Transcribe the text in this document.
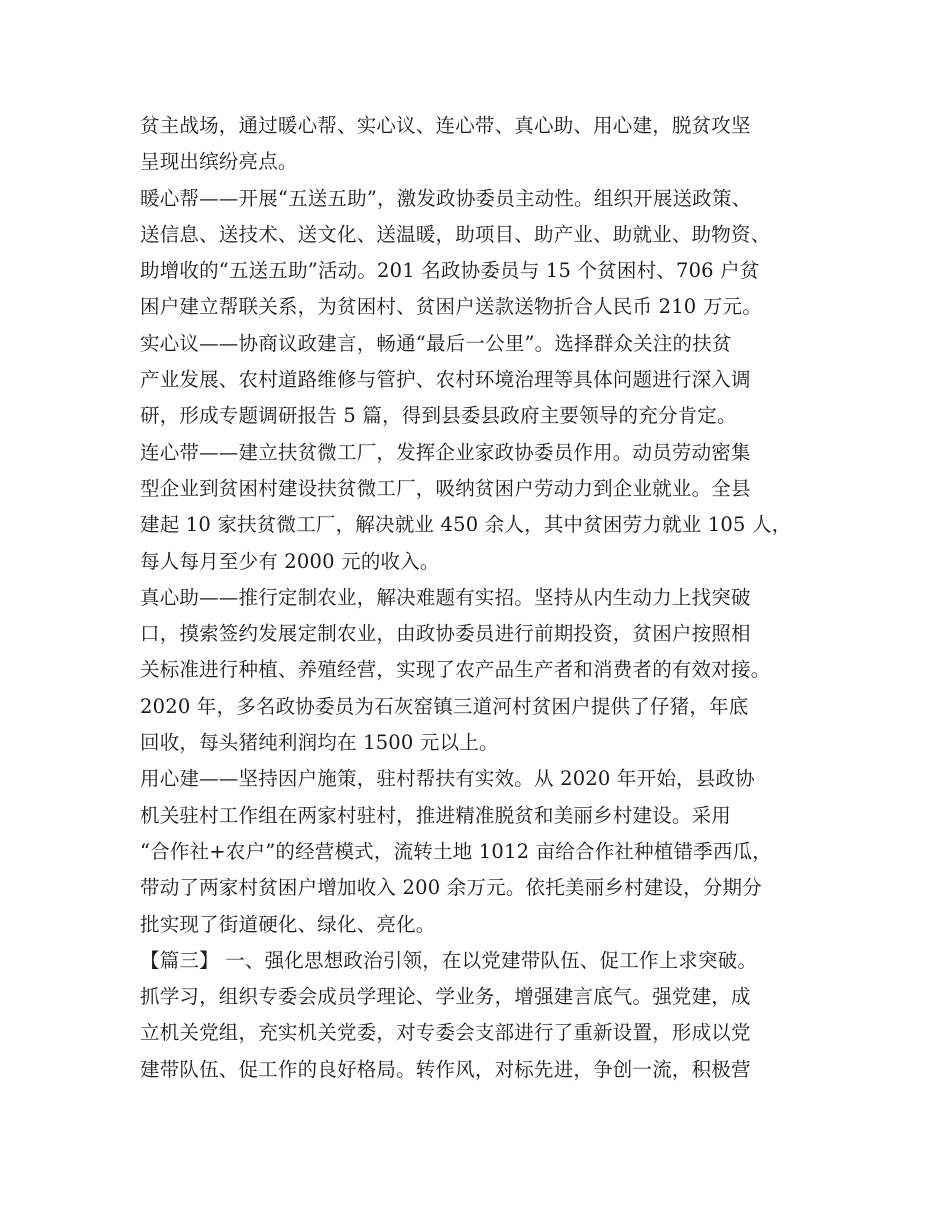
贫主战场，通过暖心帮、实心议、连心带、真心助、用心建，脱贫攻坚
呈现出缤纷亮点。
暖心帮——开展“五送五助”，激发政协委员主动性。组织开展送政策、
送信息、送技术、送文化、送温暖，助项目、助产业、助就业、助物资、
助增收的“五送五助”活动。201 名政协委员与 15 个贫困村、706 户贫
困户建立帮联关系，为贫困村、贫困户送款送物折合人民币 210 万元。
实心议——协商议政建言，畅通“最后一公里”。选择群众关注的扶贫
产业发展、农村道路维修与管护、农村环境治理等具体问题进行深入调
研，形成专题调研报告 5 篇，得到县委县政府主要领导的充分肯定。
连心带——建立扶贫微工厂，发挥企业家政协委员作用。动员劳动密集
型企业到贫困村建设扶贫微工厂，吸纳贫困户劳动力到企业就业。全县
建起 10 家扶贫微工厂，解决就业 450 余人，其中贫困劳力就业 105 人，
每人每月至少有 2000 元的收入。
真心助——推行定制农业，解决难题有实招。坚持从内生动力上找突破
口，摸索签约发展定制农业，由政协委员进行前期投资，贫困户按照相
关标准进行种植、养殖经营，实现了农产品生产者和消费者的有效对接。
2020 年，多名政协委员为石灰窑镇三道河村贫困户提供了仔猪，年底
回收，每头猪纯利润均在 1500 元以上。
用心建——坚持因户施策，驻村帮扶有实效。从 2020 年开始，县政协
机关驻村工作组在两家村驻村，推进精准脱贫和美丽乡村建设。采用
“合作社+农户”的经营模式，流转土地 1012 亩给合作社种植错季西瓜，
带动了两家村贫困户增加收入 200 余万元。依托美丽乡村建设，分期分
批实现了街道硬化、绿化、亮化。
【篇三】 一、强化思想政治引领，在以党建带队伍、促工作上求突破。
抓学习，组织专委会成员学理论、学业务，增强建言底气。强党建，成
立机关党组，充实机关党委，对专委会支部进行了重新设置，形成以党
建带队伍、促工作的良好格局。转作风，对标先进，争创一流，积极营
